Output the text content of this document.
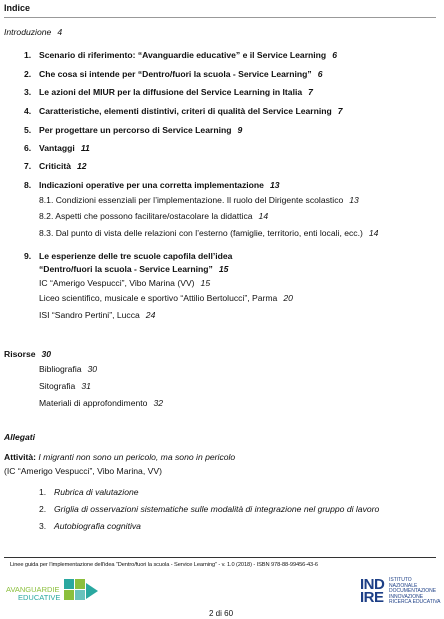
Indice
Introduzione 4
1. Scenario di riferimento: “Avanguardie educative” e il Service Learning 6
2. Che cosa si intende per “Dentro/fuori la scuola - Service Learning” 6
3. Le azioni del MIUR per la diffusione del Service Learning in Italia 7
4. Caratteristiche, elementi distintivi, criteri di qualità del Service Learning 7
5. Per progettare un percorso di Service Learning 9
6. Vantaggi 11
7. Criticità 12
8. Indicazioni operative per una corretta implementazione 13
8.1. Condizioni essenziali per l’implementazione. Il ruolo del Dirigente scolastico 13
8.2. Aspetti che possono facilitare/ostacolare la didattica 14
8.3. Dal punto di vista delle relazioni con l’esterno (famiglie, territorio, enti locali, ecc.) 14
9. Le esperienze delle tre scuole capofila dell’idea
“Dentro/fuori la scuola - Service Learning” 15
IC “Amerigo Vespucci”, Vibo Marina (VV) 15
Liceo scientifico, musicale e sportivo “Attilio Bertolucci”, Parma 20
ISI “Sandro Pertini”, Lucca 24
Risorse 30
Bibliografia 30
Sitografia 31
Materiali di approfondimento 32
Allegati
Attività: I migranti non sono un pericolo, ma sono in pericolo
(IC “Amerigo Vespucci”, Vibo Marina, VV)
1. Rubrica di valutazione
2. Griglia di osservazioni sistematiche sulle modalità di integrazione nel gruppo di lavoro
3. Autobiografia cognitiva
Linee guida per l’implementazione dell’idea “Dentro/fuori la scuola - Service Learning” - v. 1.0 (2018) - ISBN 978-88-99456-43-6
AVANGUARDIE
EDUCATIVE
2 di 60
IND
IRE
ISTITUTO
NAZIONALE
DOCUMENTAZIONE
INNOVAZIONE
RICERCA EDUCATIVA
